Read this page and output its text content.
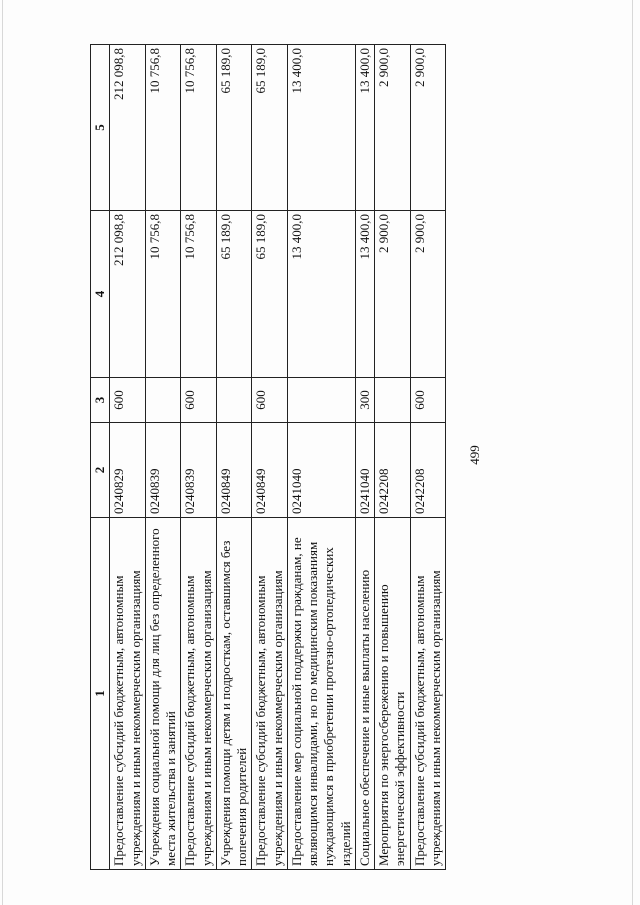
499
1	2	3	4	5
Предоставление субсидий бюджетным, автономным учреждениям и иным некоммерческим организациям	0240829	600	212 098,8	212 098,8
Учреждения социальной помощи для лиц без определенного места жительства и занятий	0240839		10 756,8	10 756,8
Предоставление субсидий бюджетным, автономным учреждениям и иным некоммерческим организациям	0240839	600	10 756,8	10 756,8
Учреждения помощи детям и подросткам, оставшимся без попечения родителей	0240849		65 189,0	65 189,0
Предоставление субсидий бюджетным, автономным учреждениям и иным некоммерческим организациям	0240849	600	65 189,0	65 189,0
Предоставление мер социальной поддержки гражданам, не являющимся инвалидами, но по медицинским показаниям нуждающимся в приобретении протезно-ортопедических изделий	0241040		13 400,0	13 400,0
Социальное обеспечение и иные выплаты населению	0241040	300	13 400,0	13 400,0
Мероприятия по энергосбережению и повышению энергетической эффективности	0242208		2 900,0	2 900,0
Предоставление субсидий бюджетным, автономным учреждениям и иным некоммерческим организациям	0242208	600	2 900,0	2 900,0
